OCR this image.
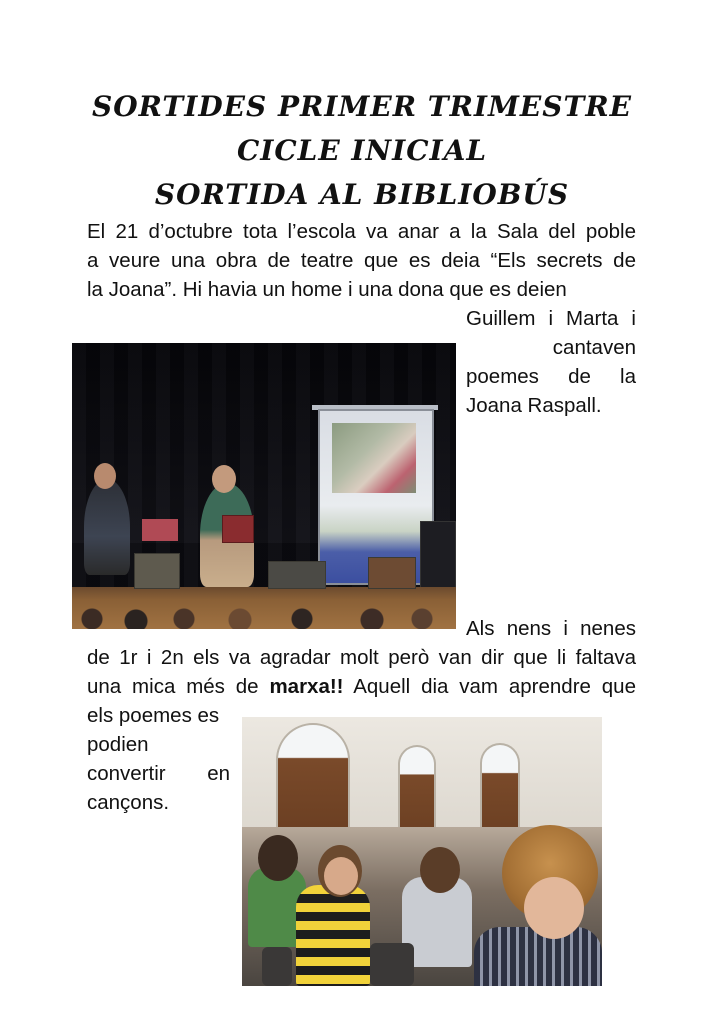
SORTIDES PRIMER TRIMESTRE
CICLE INICIAL
SORTIDA AL BIBLIOBÚS
El 21 d’octubre tota l’escola va anar a la Sala del poble
a veure una obra de teatre que es deia “Els secrets de
la Joana”. Hi havia un home i una dona que es deien
Guillem i Marta i
cantaven
poemes de la
Joana Raspall.
Als nens i nenes
de 1r i 2n els va agradar molt però van dir que li faltava
una mica més de marxa!! Aquell dia vam aprendre que
els poemes es
podien
convertir en
cançons.
